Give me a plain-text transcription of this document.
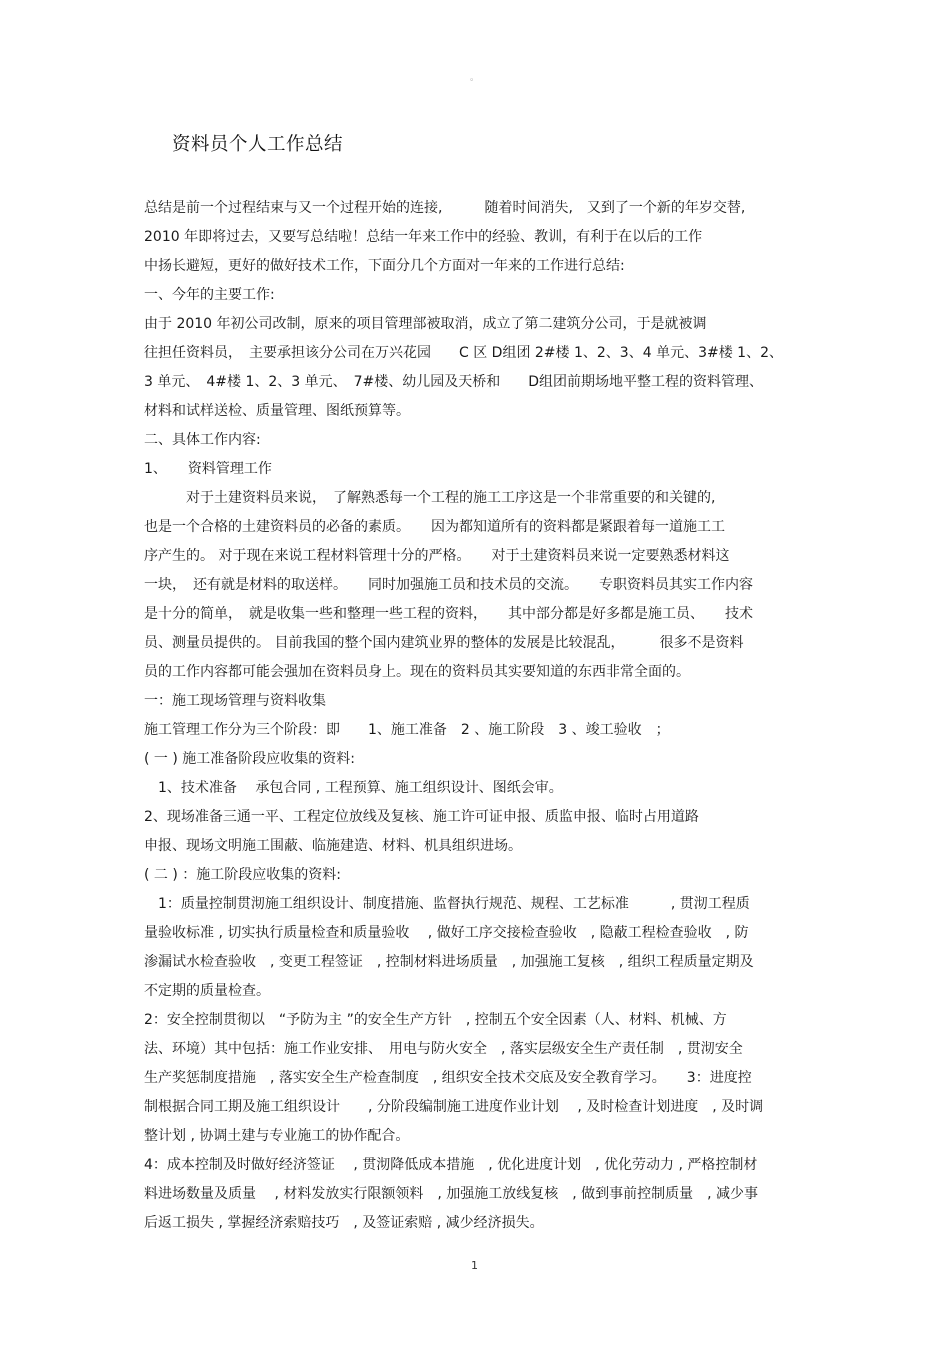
。
资料员个人工作总结
总结是前一个过程结束与又一个过程开始的连接,　　　随着时间消失,　又到了一个新的年岁交替,
2010 年即将过去，又要写总结啦！总结一年来工作中的经验、教训，有利于在以后的工作
中扬长避短，更好的做好技术工作，下面分几个方面对一年来的工作进行总结:
一、今年的主要工作:
由于 2010 年初公司改制，原来的项目管理部被取消，成立了第二建筑分公司，于是就被调
往担任资料员，　主要承担该分公司在万兴花园　　C 区 D组团 2#楼 1、2、3、4 单元、3#楼 1、2、
3 单元、　4#楼 1、2、3 单元、　7#楼、幼儿园及天桥和　　D组团前期场地平整工程的资料管理、
材料和试样送检、质量管理、图纸预算等。
二、具体工作内容:
1、　　资料管理工作
　　　对于土建资料员来说，　了解熟悉每一个工程的施工工序这是一个非常重要的和关键的,
也是一个合格的土建资料员的必备的素质。　　因为都知道所有的资料都是紧跟着每一道施工工
序产生的。 对于现在来说工程材料管理十分的严格。　　对于土建资料员来说一定要熟悉材料这
一块，　还有就是材料的取送样。　　同时加强施工员和技术员的交流。　　专职资料员其实工作内容
是十分的简单，　就是收集一些和整理一些工程的资料，　　其中部分都是好多都是施工员、　　技术
员、测量员提供的。 目前我国的整个国内建筑业界的整体的发展是比较混乱，　　　很多不是资料
员的工作内容都可能会强加在资料员身上。现在的资料员其实要知道的东西非常全面的。
一：施工现场管理与资料收集
施工管理工作分为三个阶段：即　　1、施工准备　2 、施工阶段　3 、竣工验收　；
( 一 ) 施工准备阶段应收集的资料:
　1、技术准备　 承包合同 , 工程预算、施工组织设计、图纸会审。
2、现场准备三通一平、工程定位放线及复核、施工许可证申报、质监申报、临时占用道路
申报、现场文明施工围蔽、临施建造、材料、机具组织进场。
( 二 ) ：施工阶段应收集的资料:
　1：质量控制贯沏施工组织设计、制度措施、监督执行规范、规程、工艺标准　　　, 贯沏工程质
量验收标准 , 切实执行质量检查和质量验收　 , 做好工序交接检查验收　, 隐蔽工程检查验收　, 防
渗漏试水检查验收　, 变更工程签证　, 控制材料进场质量　, 加强施工复核　, 组织工程质量定期及
不定期的质量检查。
2：安全控制贯彻以　“予防为主 ”的安全生产方针　, 控制五个安全因素（人、材料、机械、方
法、环境）其中包括：施工作业安排、　用电与防火安全　, 落实层级安全生产责任制　, 贯沏安全
生产奖惩制度措施　, 落实安全生产检查制度　, 组织安全技术交底及安全教育学习。　　3：进度控
制根据合同工期及施工组织设计　　, 分阶段编制施工进度作业计划　 , 及时检查计划进度　, 及时调
整计划 , 协调土建与专业施工的协作配合。
4：成本控制及时做好经济签证　 , 贯沏降低成本措施　, 优化进度计划　, 优化劳动力 , 严格控制材
料进场数量及质量　 , 材料发放实行限额领料　, 加强施工放线复核　, 做到事前控制质量　, 减少事
后返工损失 , 掌握经济索赔技巧　, 及签证索赔 , 减少经济损失。
1
